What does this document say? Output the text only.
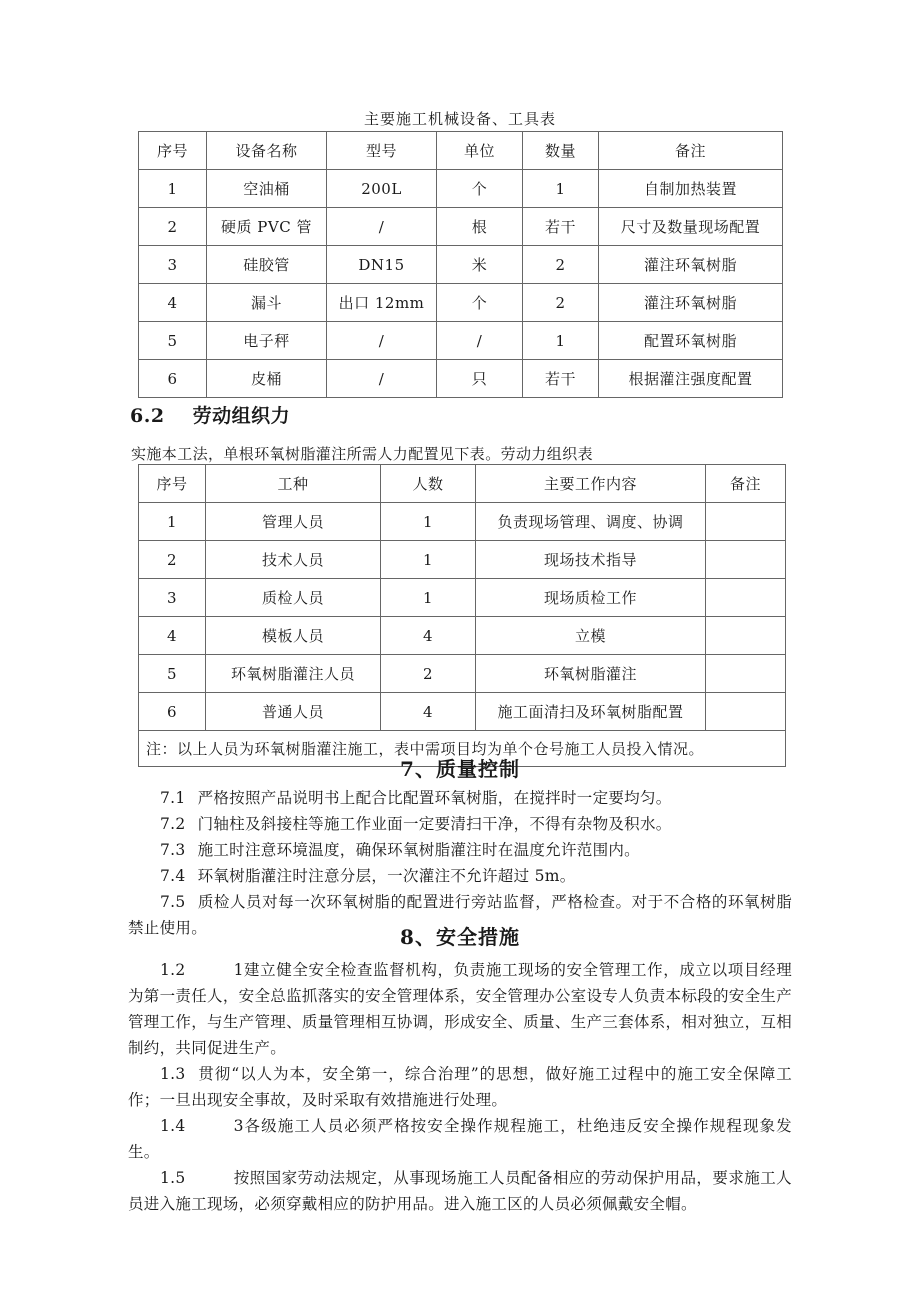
主要施工机械设备、工具表
序号	设备名称	型号	单位	数量	备注
1	空油桶	200L	个	1	自制加热装置
2	硬质 PVC 管	/	根	若干	尺寸及数量现场配置
3	硅胶管	DN15	米	2	灌注环氧树脂
4	漏斗	出口 12mm	个	2	灌注环氧树脂
5	电子秤	/	/	1	配置环氧树脂
6	皮桶	/	只	若干	根据灌注强度配置
6.2 劳动组织力
实施本工法，单根环氧树脂灌注所需人力配置见下表。劳动力组织表
序号	工种	人数	主要工作内容	备注
1	管理人员	1	负责现场管理、调度、协调	
2	技术人员	1	现场技术指导	
3	质检人员	1	现场质检工作	
4	模板人员	4	立模	
5	环氧树脂灌注人员	2	环氧树脂灌注	
6	普通人员	4	施工面清扫及环氧树脂配置	
注：以上人员为环氧树脂灌注施工，表中需项目均为单个仓号施工人员投入情况。				
7、质量控制
7.1 严格按照产品说明书上配合比配置环氧树脂，在搅拌时一定要均匀。
7.2 门轴柱及斜接柱等施工作业面一定要清扫干净，不得有杂物及积水。
7.3 施工时注意环境温度，确保环氧树脂灌注时在温度允许范围内。
7.4 环氧树脂灌注时注意分层，一次灌注不允许超过 5m。
7.5 质检人员对每一次环氧树脂的配置进行旁站监督，严格检查。对于不合格的环氧树脂禁止使用。	8、安全措施
1.2	1建立健全安全检查监督机构，负责施工现场的安全管理工作，成立以项目经理为第一责任人，安全总监抓落实的安全管理体系，安全管理办公室设专人负责本标段的安全生产管理工作，与生产管理、质量管理相互协调，形成安全、质量、生产三套体系，相对独立，互相制约，共同促进生产。
1.3 贯彻“以人为本，安全第一，综合治理”的思想，做好施工过程中的施工安全保障工作；一旦出现安全事故，及时采取有效措施进行处理。
1.4	3各级施工人员必须严格按安全操作规程施工，杜绝违反安全操作规程现象发生。
1.5	按照国家劳动法规定，从事现场施工人员配备相应的劳动保护用品，要求施工人员进入施工现场，必须穿戴相应的防护用品。进入施工区的人员必须佩戴安全帽。
